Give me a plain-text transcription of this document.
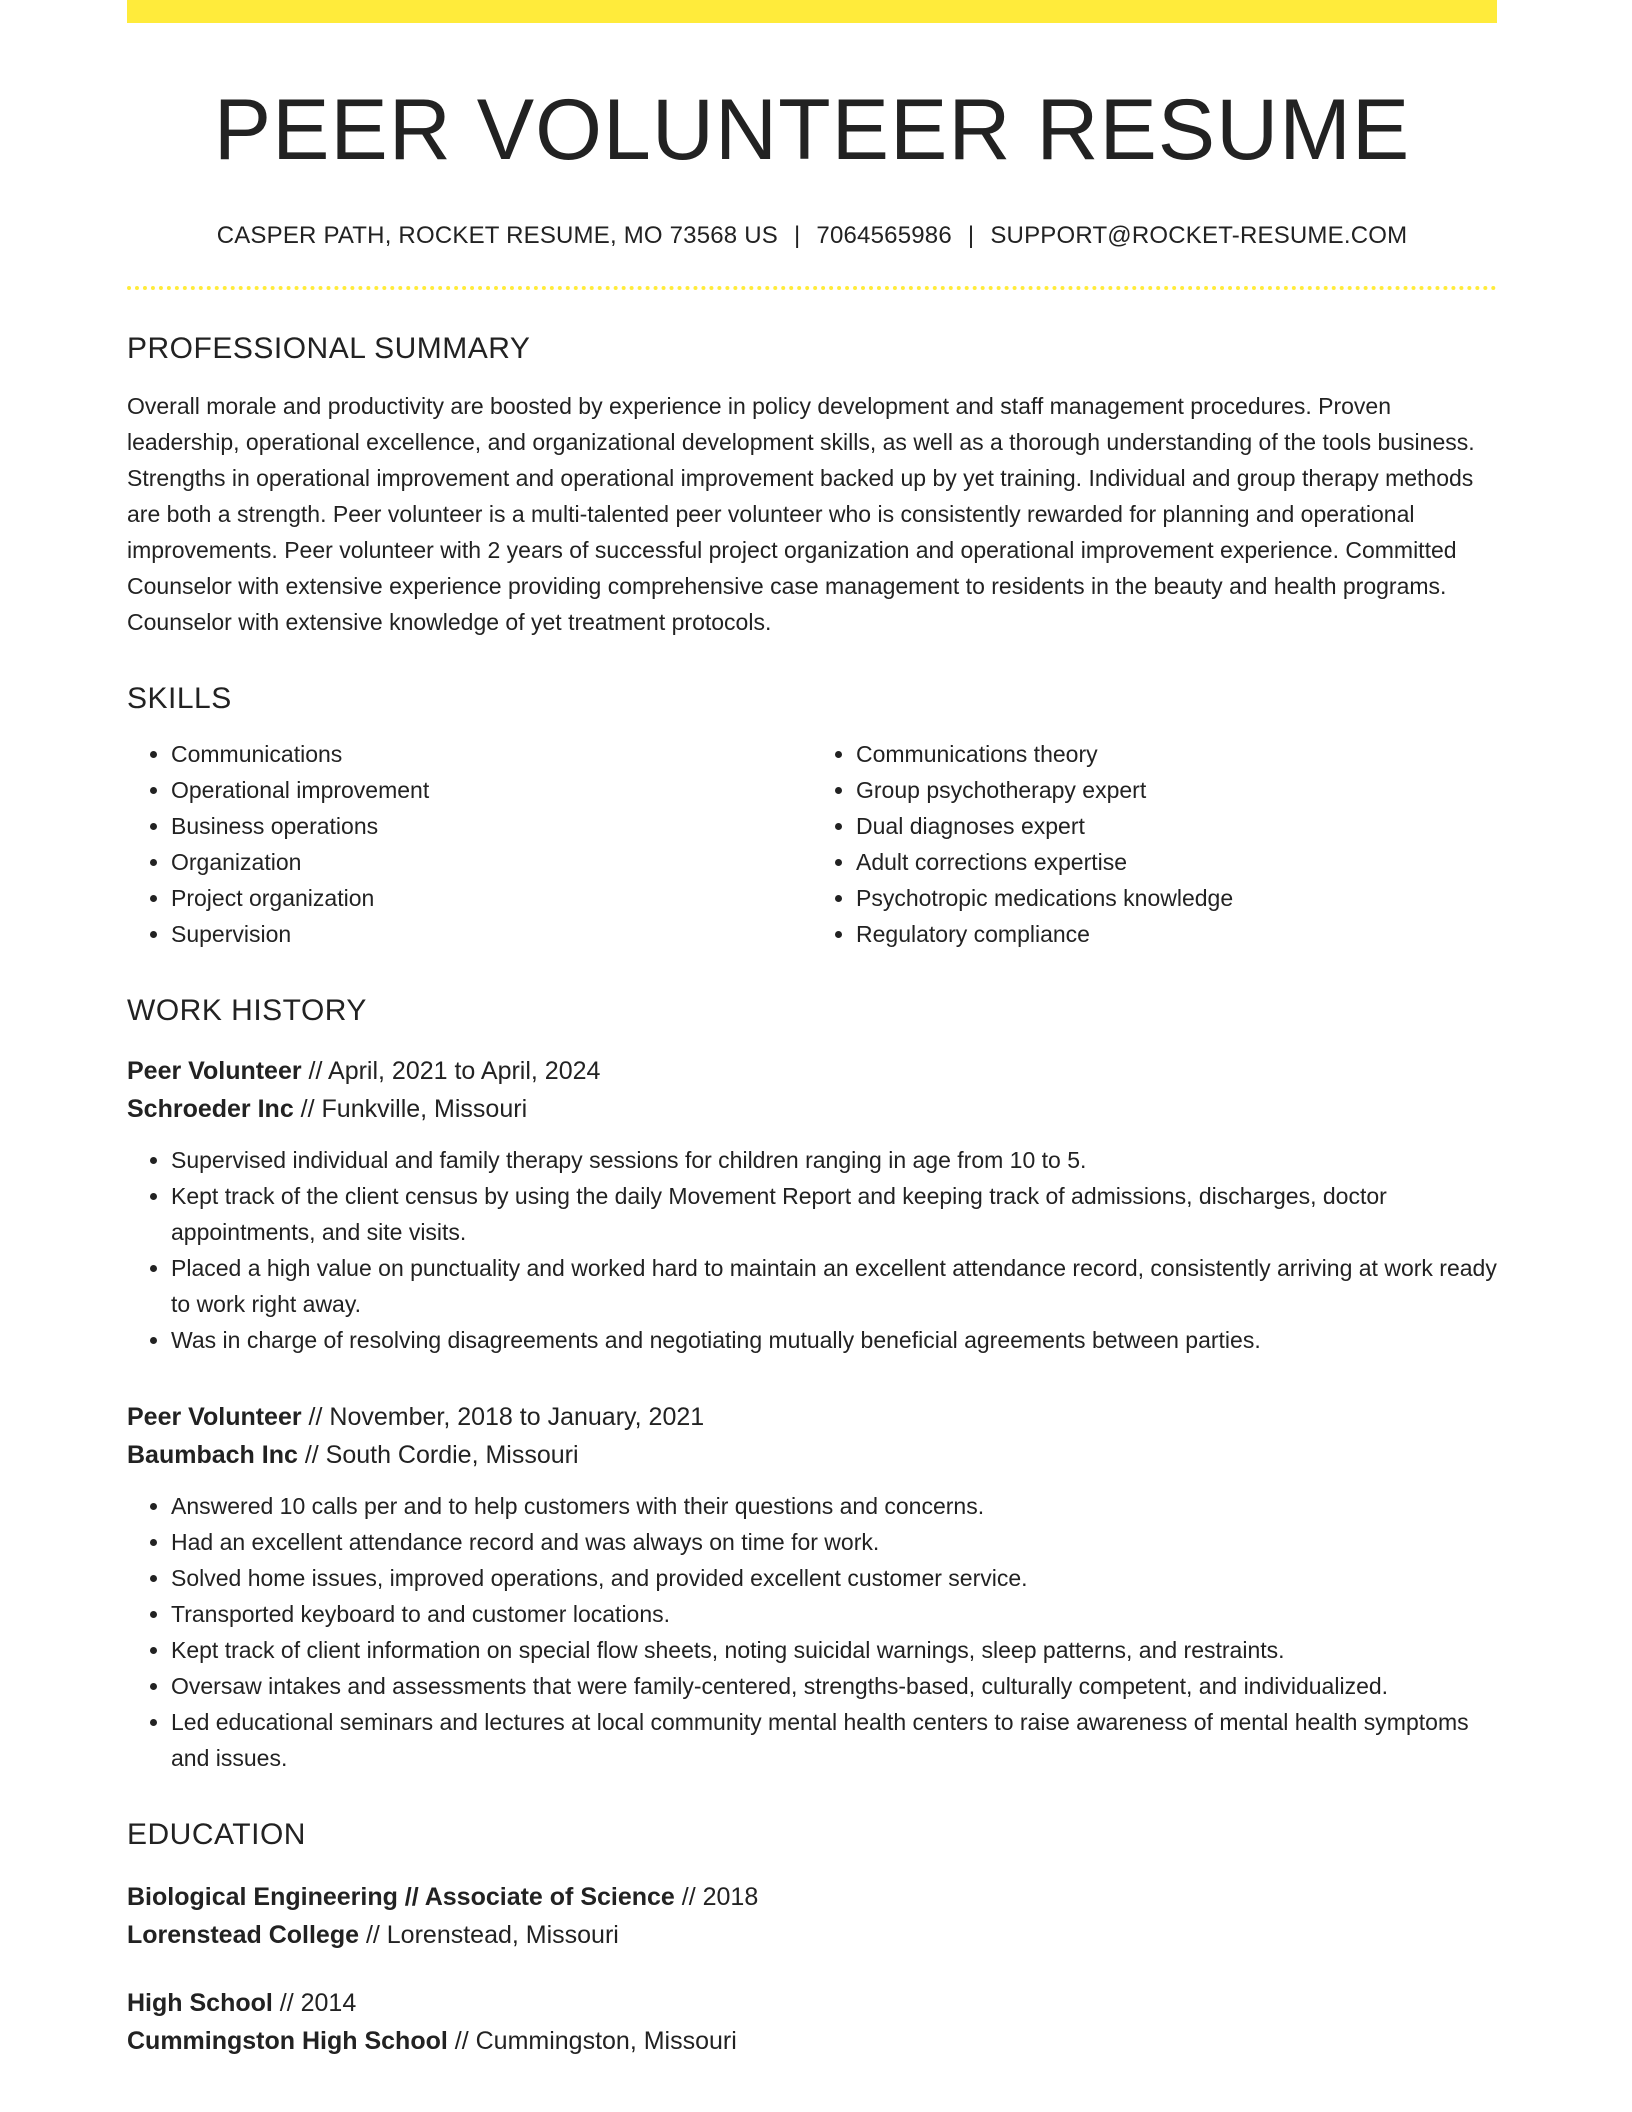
PEER VOLUNTEER RESUME
CASPER PATH, ROCKET RESUME, MO 73568 US | 7064565986 | SUPPORT@ROCKET-RESUME.COM
PROFESSIONAL SUMMARY

Overall morale and productivity are boosted by experience in policy development and staff management procedures. Proven leadership, operational excellence, and organizational development skills, as well as a thorough understanding of the tools business. Strengths in operational improvement and operational improvement backed up by yet training. Individual and group therapy methods are both a strength. Peer volunteer is a multi-talented peer volunteer who is consistently rewarded for planning and operational improvements. Peer volunteer with 2 years of successful project organization and operational improvement experience. Committed Counselor with extensive experience providing comprehensive case management to residents in the beauty and health programs. Counselor with extensive knowledge of yet treatment protocols.

SKILLS
• Communications
• Operational improvement
• Business operations
• Organization
• Project organization
• Supervision
• Communications theory
• Group psychotherapy expert
• Dual diagnoses expert
• Adult corrections expertise
• Psychotropic medications knowledge
• Regulatory compliance
WORK HISTORY
Peer Volunteer // April, 2021 to April, 2024
Schroeder Inc // Funkville, Missouri
• Supervised individual and family therapy sessions for children ranging in age from 10 to 5.
• Kept track of the client census by using the daily Movement Report and keeping track of admissions, discharges, doctor appointments, and site visits.
• Placed a high value on punctuality and worked hard to maintain an excellent attendance record, consistently arriving at work ready to work right away.
• Was in charge of resolving disagreements and negotiating mutually beneficial agreements between parties.
Peer Volunteer // November, 2018 to January, 2021
Baumbach Inc // South Cordie, Missouri
• Answered 10 calls per and to help customers with their questions and concerns.
• Had an excellent attendance record and was always on time for work.
• Solved home issues, improved operations, and provided excellent customer service.
• Transported keyboard to and customer locations.
• Kept track of client information on special flow sheets, noting suicidal warnings, sleep patterns, and restraints.
• Oversaw intakes and assessments that were family-centered, strengths-based, culturally competent, and individualized.
• Led educational seminars and lectures at local community mental health centers to raise awareness of mental health symptoms and issues.
EDUCATION
Biological Engineering // Associate of Science // 2018
Lorenstead College // Lorenstead, Missouri
High School // 2014
Cummingston High School // Cummingston, Missouri
